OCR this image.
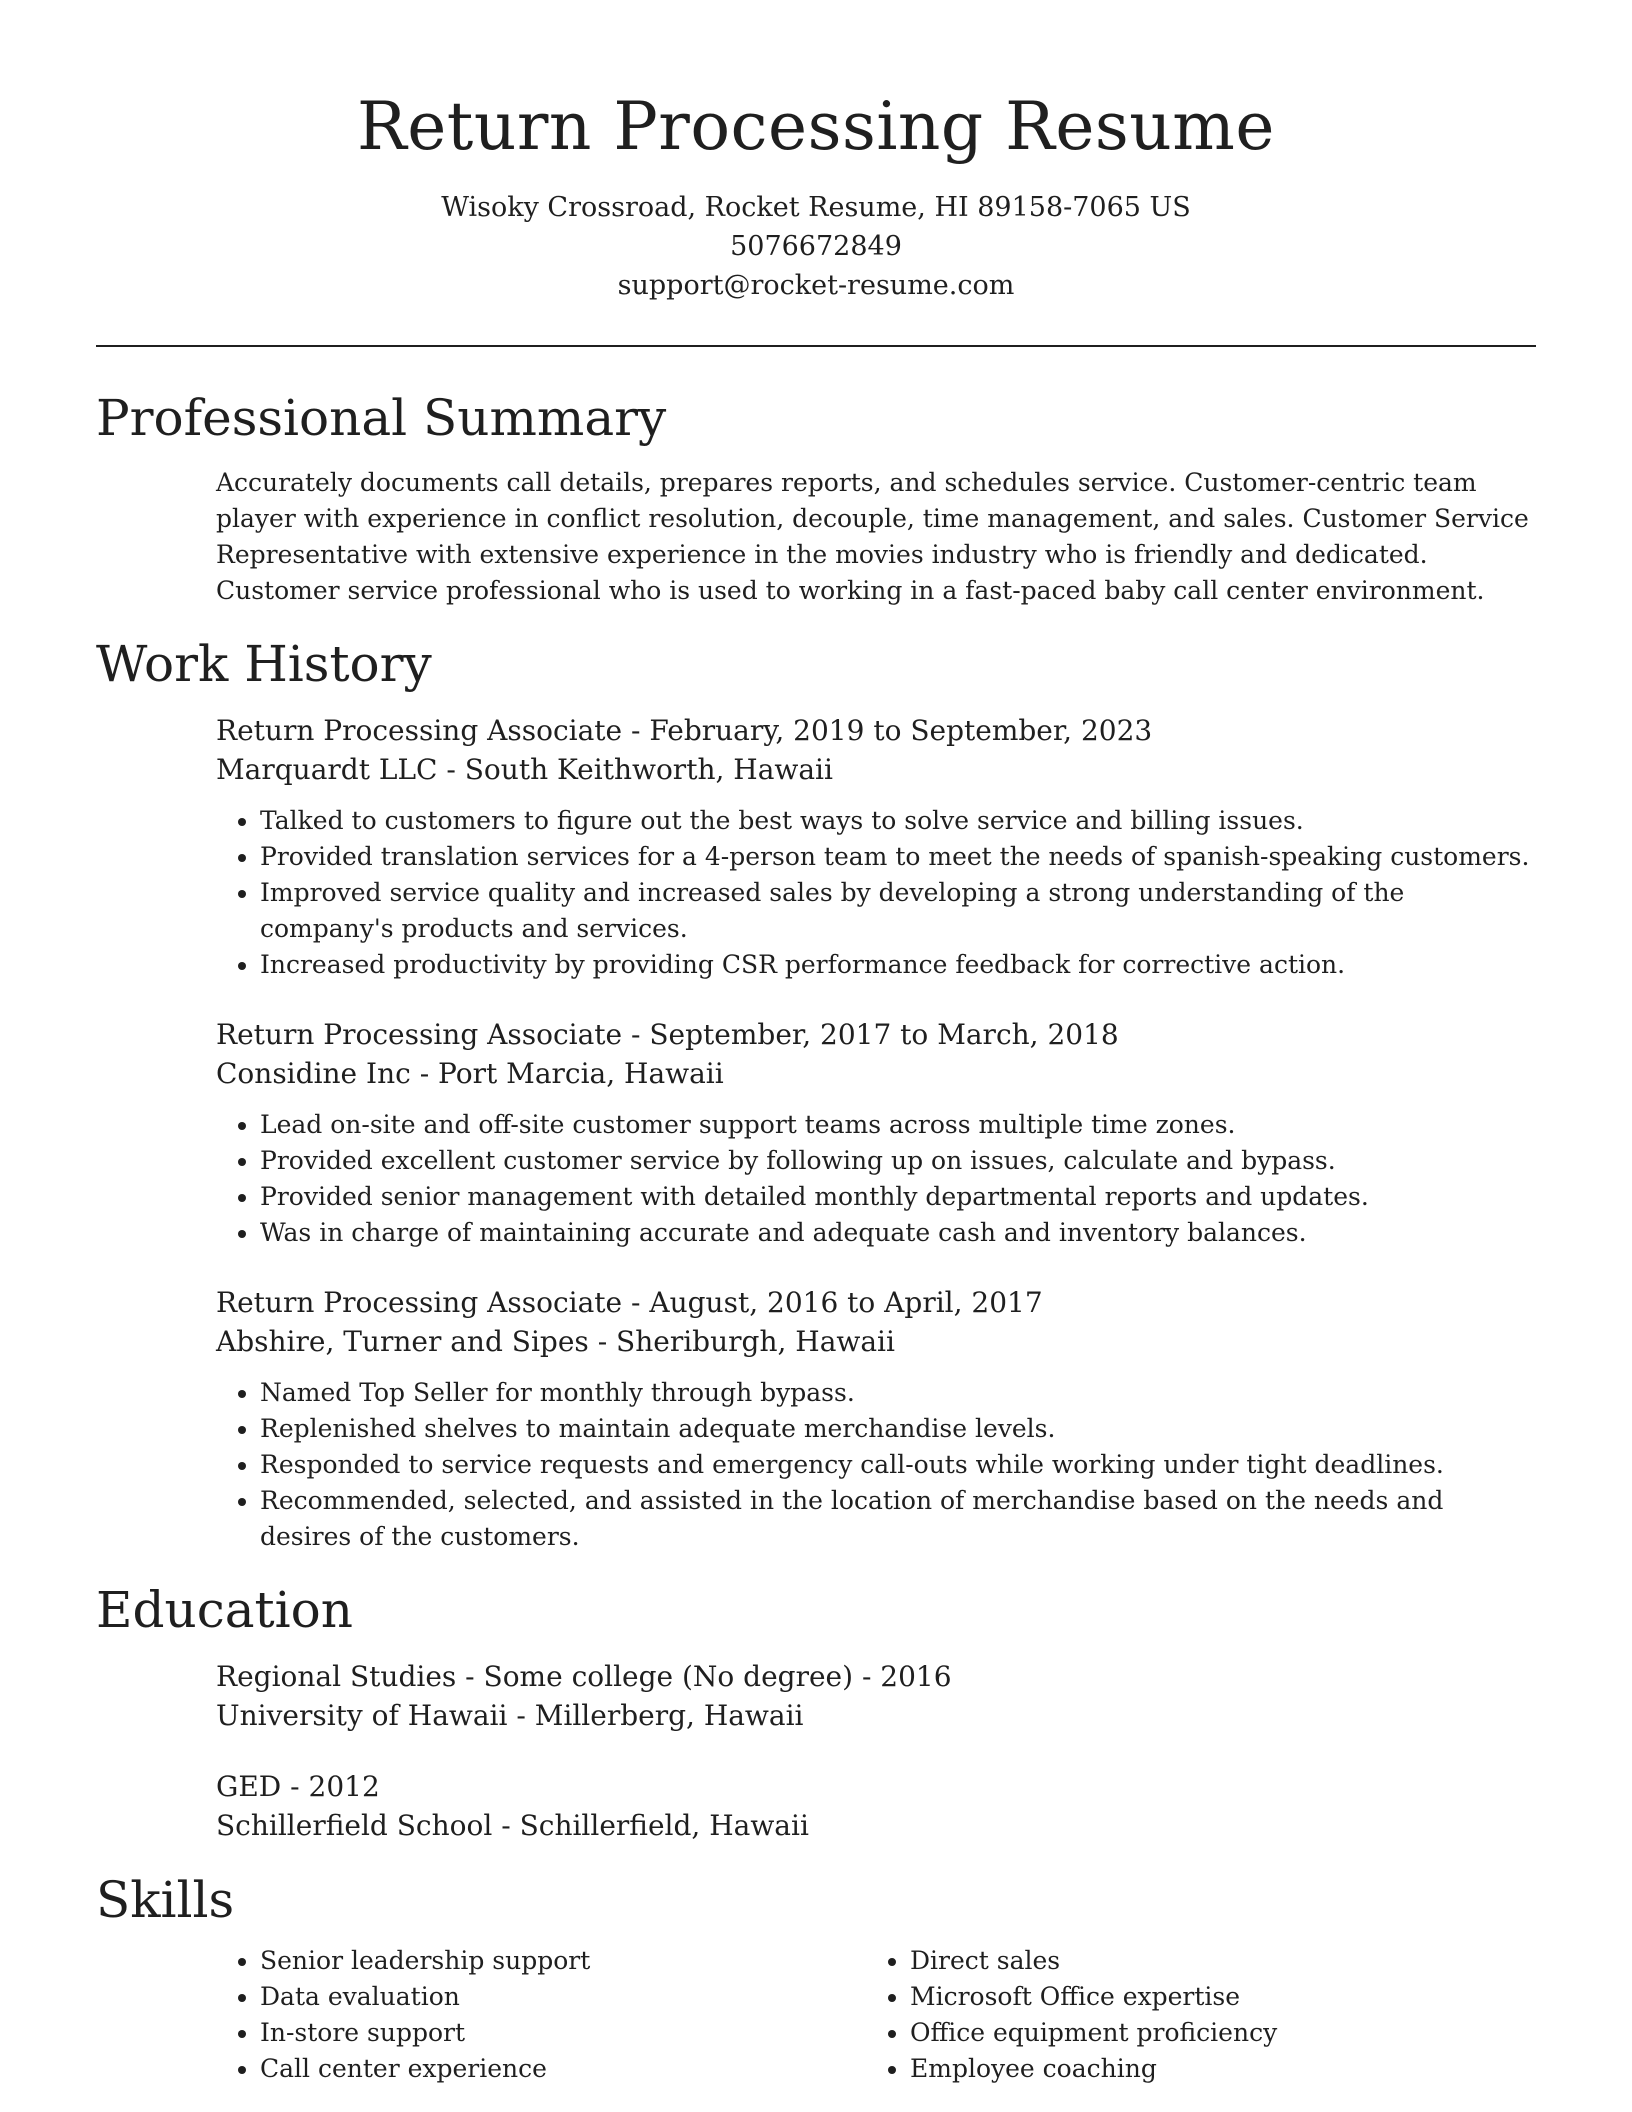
Return Processing Resume

Wisoky Crossroad, Rocket Resume, HI 89158-7065 US

5076672849

support@rocket-resume.com

Professional Summary

Accurately documents call details, prepares reports, and schedules service. Customer-centric team player with experience in conflict resolution, decouple, time management, and sales. Customer Service Representative with extensive experience in the movies industry who is friendly and dedicated. Customer service professional who is used to working in a fast-paced baby call center environment.

Work History

Return Processing Associate - February, 2019 to September, 2023

Marquardt LLC - South Keithworth, Hawaii

• Talked to customers to figure out the best ways to solve service and billing issues.
• Provided translation services for a 4-person team to meet the needs of spanish-speaking customers.
• Improved service quality and increased sales by developing a strong understanding of the company's products and services.
• Increased productivity by providing CSR performance feedback for corrective action.

Return Processing Associate - September, 2017 to March, 2018

Considine Inc - Port Marcia, Hawaii

• Lead on-site and off-site customer support teams across multiple time zones.
• Provided excellent customer service by following up on issues, calculate and bypass.
• Provided senior management with detailed monthly departmental reports and updates.
• Was in charge of maintaining accurate and adequate cash and inventory balances.

Return Processing Associate - August, 2016 to April, 2017

Abshire, Turner and Sipes - Sheriburgh, Hawaii

• Named Top Seller for monthly through bypass.
• Replenished shelves to maintain adequate merchandise levels.
• Responded to service requests and emergency call-outs while working under tight deadlines.
• Recommended, selected, and assisted in the location of merchandise based on the needs and desires of the customers.
Education

Regional Studies - Some college (No degree) - 2016

University of Hawaii - Millerberg, Hawaii

GED - 2012

Schillerfield School - Schillerfield, Hawaii

Skills
• Senior leadership support
• Data evaluation
• In-store support
• Call center experience
• Direct sales
• Microsoft Office expertise
• Office equipment proficiency
• Employee coaching
